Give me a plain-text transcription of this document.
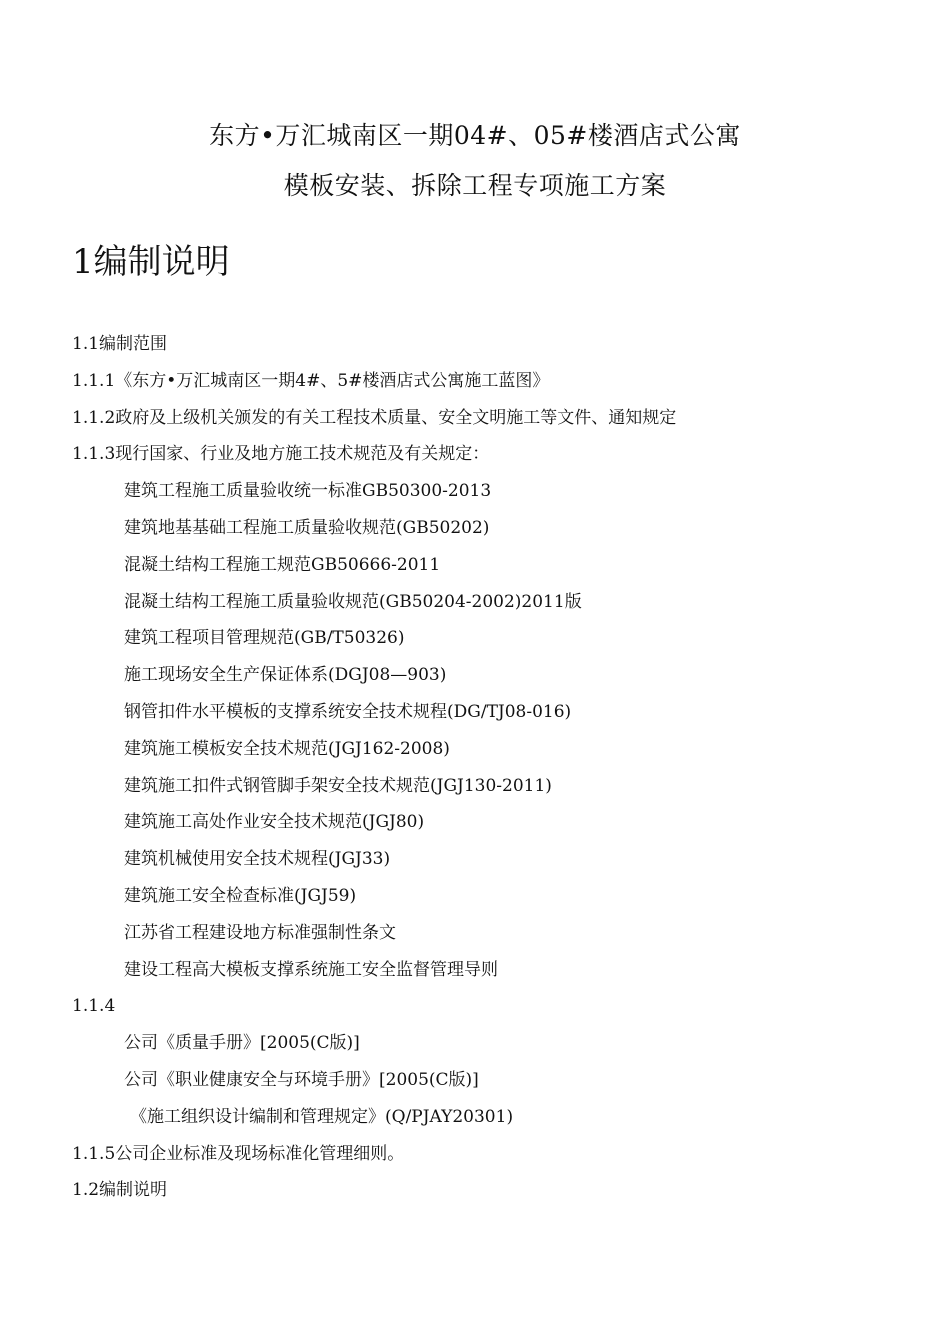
东方•万汇城南区一期04#、05#楼酒店式公寓
模板安装、拆除工程专项施工方案
1编制说明
1.1编制范围
1.1.1《东方•万汇城南区一期4#、5#楼酒店式公寓施工蓝图》
1.1.2政府及上级机关颁发的有关工程技术质量、安全文明施工等文件、通知规定
1.1.3现行国家、行业及地方施工技术规范及有关规定：
建筑工程施工质量验收统一标准GB50300-2013
建筑地基基础工程施工质量验收规范(GB50202)
混凝土结构工程施工规范GB50666-2011
混凝土结构工程施工质量验收规范(GB50204-2002)2011版
建筑工程项目管理规范(GB/T50326)
施工现场安全生产保证体系(DGJ08—903)
钢管扣件水平模板的支撑系统安全技术规程(DG/TJ08-016)
建筑施工模板安全技术规范(JGJ162-2008)
建筑施工扣件式钢管脚手架安全技术规范(JGJ130-2011)
建筑施工高处作业安全技术规范(JGJ80)
建筑机械使用安全技术规程(JGJ33)
建筑施工安全检查标准(JGJ59)
江苏省工程建设地方标准强制性条文
建设工程高大模板支撑系统施工安全监督管理导则
1.1.4
公司《质量手册》[2005(C版)]
公司《职业健康安全与环境手册》[2005(C版)]
《施工组织设计编制和管理规定》(Q/PJAY20301)
1.1.5公司企业标准及现场标准化管理细则。
1.2编制说明
